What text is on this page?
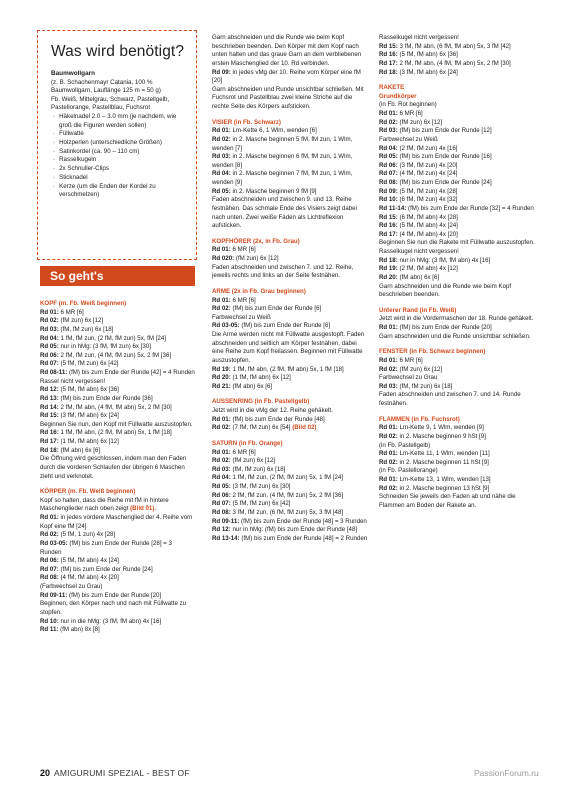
Was wird benötigt?
Baumwollgarn
(z. B. Schachenmayr Catania, 100 %
Baumwollgarn, Lauflänge 125 m = 50 g)
Fb. Weiß, Mittelgrau, Schwarz, Pastellgelb,
Pastellorange, Pastellblau, Fuchsrot
· Häkelnadel 2.0 – 3.0 mm (je nachdem, wie groß die Figuren werden sollen)
· Füllwatte
· Holzperlen (unterschiedliche Größen)
· Satinkordel (ca. 90 – 110 cm)
· Rasselkugeln
· 2x Schnuller-Clips
· Sticknadel
· Kerze (um die Enden der Kordel zu verschmelzen)
So geht's

KOPF (m. Fb. Weiß beginnen)

Rd 01: 6 MR [6]

Rd 02: (fM zun) 6x [12]

Rd 03: (fM, fM zun) 6x [18]

Rd 04: 1 fM, fM zun, (2 fM, fM zun) 5x, fM [24]

Rd 05: nur in hMg: (3 fM, fM zun) 6x [30]

Rd 06: 2 fM, fM zun, (4 fM, fM zun) 5x, 2 fM [36]

Rd 07: (5 fM, fM zun) 6x [42]

Rd 08-11: (fM) bis zum Ende der Runde [42] = 4 Runden

Rassel nicht vergessen!

Rd 12: (5 fM, fM abn) 6x [36]

Rd 13: (fM) bis zum Ende der Runde [36]

Rd 14: 2 fM, fM abn, (4 fM, fM abn) 5x, 2 fM [30]

Rd 15: (3 fM, fM abn) 6x [24]

Beginnen Sie nun, den Kopf mit Füllwatte auszustopfen.

Rd 16: 1 fM, fM abn, (2 fM, fM abn) 5x, 1 fM [18]

Rd 17: (1 fM, fM abn) 6x [12]

Rd 18: (fM abn) 6x [6]

Die Öffnung wird geschlossen, indem man den Faden durch die vorderen Schlaufen der übrigen 6 Maschen zieht und verknotet.

KÖRPER (m. Fb. Weiß beginnen)

Kopf so halten, dass die Reihe mit fM in hintere Maschenglieder nach oben zeigt (Bild 01).

Rd 01: in jedes vordere Maschenglied der 4. Reihe vom Kopf eine fM [24]

Rd 02: (5 fM, 1 zun) 4x [28]

Rd 03-05: (fM) bis zum Ende der Runde [28] = 3 Runden

Rd 06: (5 fM, fM abn) 4x [24]

Rd 07: (fM) bis zum Ende der Runde [24]

Rd 08: (4 fM, fM abn) 4x [20]

(Farbwechsel zu Grau)

Rd 09-11: (fM) bis zum Ende der Runde [20]

Beginnen, den Körper nach und nach mit Füllwatte zu stopfen.

Rd 10: nur in die hMg: (3 fM, fM abn) 4x [16]

Rd 11: (fM abn) 8x [8]

Garn abschneiden und die Runde wie beim Kopf beschrieben beenden. Den Körper mit dem Kopf nach unten halten und das graue Garn an dem verbliebenen ersten Maschenglied der 10. Rd verbinden.

Rd 09: in jedes vMg der 10. Reihe vom Körper eine fM [20]

Garn abschneiden und Runde unsichtbar schließen. Mit Fuchsrot und Pastellblau zwei kleine Striche auf die rechte Seite des Körpers aufsticken.

VISIER (in Fb. Schwarz)

Rd 01: Lm-Kette 6, 1 Wlm, wenden [6]

Rd 02: in 2. Masche beginnen 5 fM, fM zun, 1 Wlm, wenden [7]

Rd 03: in 2. Masche beginnen 6 fM, fM zun, 1 Wlm, wenden [8]

Rd 04: in 2. Masche beginnen 7 fM, fM zun, 1 Wlm, wenden [9]

Rd 05: in 2. Masche beginnen 9 fM [9]

Faden abschneiden und zwischen 9. und 13. Reihe festnähen. Das schmale Ende des Visiers zeigt dabei nach unten. Zwei weiße Fäden als Lichtreflexion aufsticken.

KOPFHÖRER (2x, in Fb. Grau)

Rd 01: 6 MR [6]

Rd 020: (fM zun) 6x [12]

Faden abschneiden und zwischen 7. und 12. Reihe, jeweils rechts und links an der Seite festnähen.

ARME (2x in Fb. Grau beginnen)

Rd 01: 6 MR [6]

Rd 02: (fM) bis zum Ende der Runde [6]

Farbwechsel zu Weiß

Rd 03-05: (fM) bis zum Ende der Runde [6]

Die Arme werden nicht mit Füllwatte ausgestopft. Faden abschneiden und seitlich am Körper festnähen, dabei eine Reihe zum Kopf freilassen. Beginnen mit Füllwatte auszustopfen.

Rd 19: 1 fM, fM abn, (2 fM, fM abn) 5x, 1 fM [18]

Rd 20: (1 fM, fM abn) 6x [12]

Rd 21: (fM abn) 6x [6]

AUSSENRING (in Fb. Pastellgelb)

Jetzt wird in die vMg der 12. Reihe gehäkelt.

Rd 01: (fM) bis zum Ende der Runde [48]

Rd 02: (7 fM, fM zun) 6x [54] (Bild 02)

SATURN (in Fb. Orange)

Rd 01: 6 MR [6]

Rd 02: (fM zun) 6x [12]

Rd 03: (fM, fM zun) 6x [18]

Rd 04: 1 fM, fM zun, (2 fM, fM zun) 5x, 1 fM [24]

Rd 05: (3 fM, fM zun) 6x [30]

Rd 06: 2 fM, fM zun, (4 fM, fM zun) 5x, 2 fM [36]

Rd 07: (5 fM, fM zun) 6x [42]

Rd 08: 3 fM, fM zun, (6 fM, fM zun) 5x, 3 fM [48]

Rd 09-11: (fM) bis zum Ende der Runde [48] = 3 Runden

Rd 12: nur in hMg: (fM) bis zum Ende der Runde [48]

Rd 13-14: (fM) bis zum Ende der Runde [48] = 2 Runden

Rasselkugel nicht vergessen!

Rd 15: 3 fM, fM abn, (6 fM, fM abn) 5x, 3 fM [42]

Rd 16: (5 fM, fM abn) 6x [36]

Rd 17: 2 fM, fM abn, (4 fM, fM abn) 5x, 2 fM [30]

Rd 18: (3 fM, fM abn) 6x [24]

RAKETE

Grundkörper

(in Fb. Rot beginnen)

Rd 01: 6 MR [6]

Rd 02: (fM zun) 6x [12]

Rd 03: (fM) bis zum Ende der Runde [12]

Farbwechsel zu Weiß

Rd 04: (2 fM, fM zun) 4x [16]

Rd 05: (fM) bis zum Ende der Runde [16]

Rd 06: (3 fM, fM zun) 4x [20]

Rd 07: (4 fM, fM zun) 4x [24]

Rd 08: (fM) bis zum Ende der Runde [24]

Rd 09: (5 fM, fM zun) 4x [28]

Rd 10: (6 fM, fM zun) 4x [32]

Rd 11-14: (fM) bis zum Ende der Runde [32] = 4 Runden

Rd 15: (6 fM, fM abn) 4x [28]

Rd 16: (5 fM, fM abn) 4x [24]

Rd 17: (4 fM, fM abn) 4x [20]

Beginnen Sie nun die Rakete mit Füllwatte auszustopfen. Rasselkugel nicht vergessen!

Rd 18: nur in hMg: (3 fM, fM abn) 4x [16]

Rd 19: (2 fM, fM abn) 4x [12]

Rd 20: (fM abn) 6x [6]

Garn abschneiden und die Runde wie beim Kopf beschrieben beenden.

Unterer Rand (in Fb. Weiß)

Jetzt wird in die Vordermaschen der 18. Runde gehäkelt.

Rd 01: (fM) bis zum Ende der Runde [20]

Garn abschneiden und die Runde unsichtbar schließen.

FENSTER (in Fb. Schwarz beginnen)

Rd 01: 6 MR [6]

Rd 02: (fM zun) 6x [12]

Farbwechsel zu Grau

Rd 03: (fM, fM zun) 6x [18]

Faden abschneiden und zwischen 7. und 14. Runde festnähen.

FLAMMEN (in Fb. Fuchsrot)

Rd 01: Lm-Kette 9, 1 Wlm, wenden [9]

Rd 02: in 2. Masche beginnen 9 hSt [9]

(in Fb. Pastellgelb)

Rd 01: Lm-Kette 11, 1 Wlm, wenden [11]

Rd 02: in 2. Masche beginnen 11 hSt [9]

(in Fb. Pastellorange)

Rd 01: Lm-Kette 13, 1 Wlm, wenden [13]

Rd 02: in 2. Masche beginnen 13 hSt [9]

Schneiden Sie jeweils den Faden ab und nähe die Flammen am Boden der Rakete an.

20 AMIGURUMI SPEZIAL - BEST OF	PassionForum.ru
